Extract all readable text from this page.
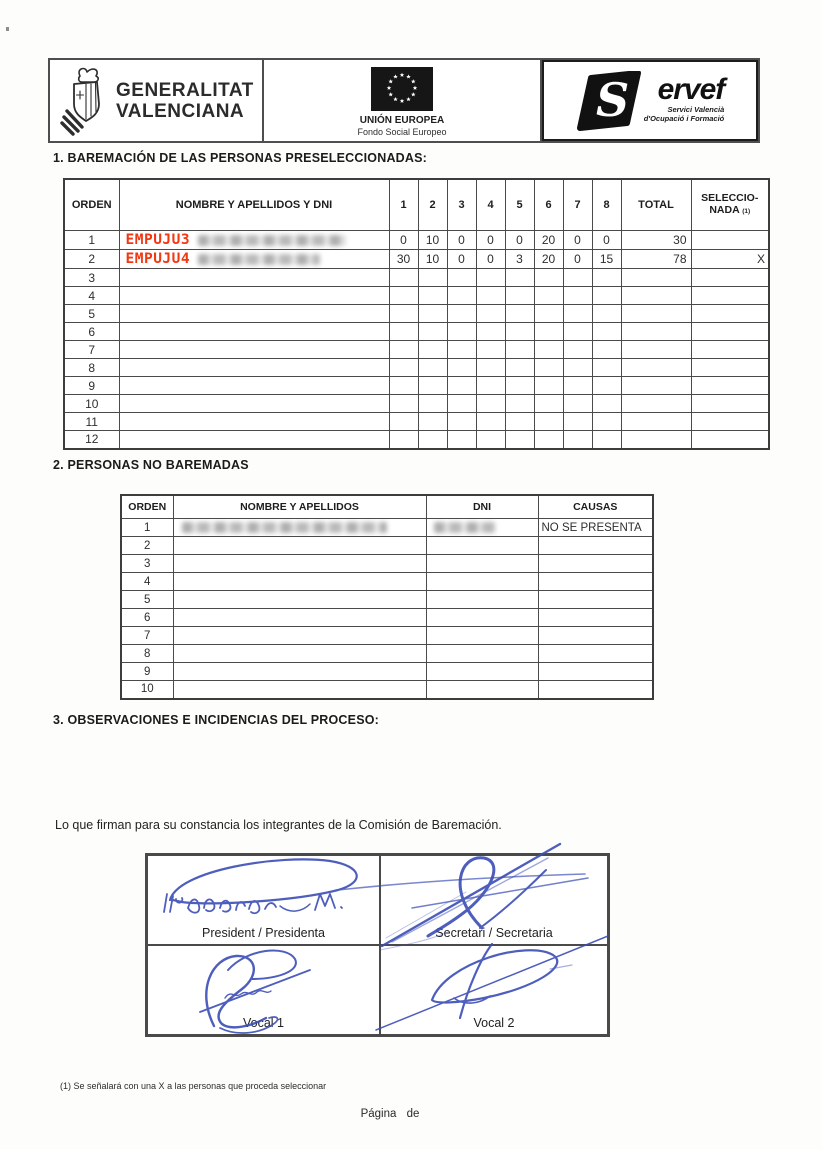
GENERALITAT
VALENCIANA	UNIÓN EUROPEA
Fondo Social Europeo
S ervef
Servici Valencià
d'Ocupació i Formació
1. BAREMACIÓN DE LAS PERSONAS PRESELECCIONADAS:
ORDEN	NOMBRE Y APELLIDOS Y DNI	1	2	3	4	5	6	7	8	TOTAL	SELECCIO-
NADA (1)
1	EMPUJU3	0	10	0	0	0	20	0	0	30	
2	EMPUJU4	30	10	0	0	3	20	0	15	78	X
3											
4											
5											
6											
7											
8											
9											
10											
11											
12											
2. PERSONAS NO BAREMADAS
ORDEN	NOMBRE Y APELLIDOS	DNI	CAUSAS
1			NO SE PRESENTA
2			
3			
4			
5			
6			
7			
8			
9			
10			
3. OBSERVACIONES E INCIDENCIAS DEL PROCESO:
Lo que firman para su constancia los integrantes de la Comisión de Baremación.
President / Presidenta	Secretari / Secretaria
Vocal 1	Vocal 2
(1) Se señalará con una X a las personas que proceda seleccionar
Página de
